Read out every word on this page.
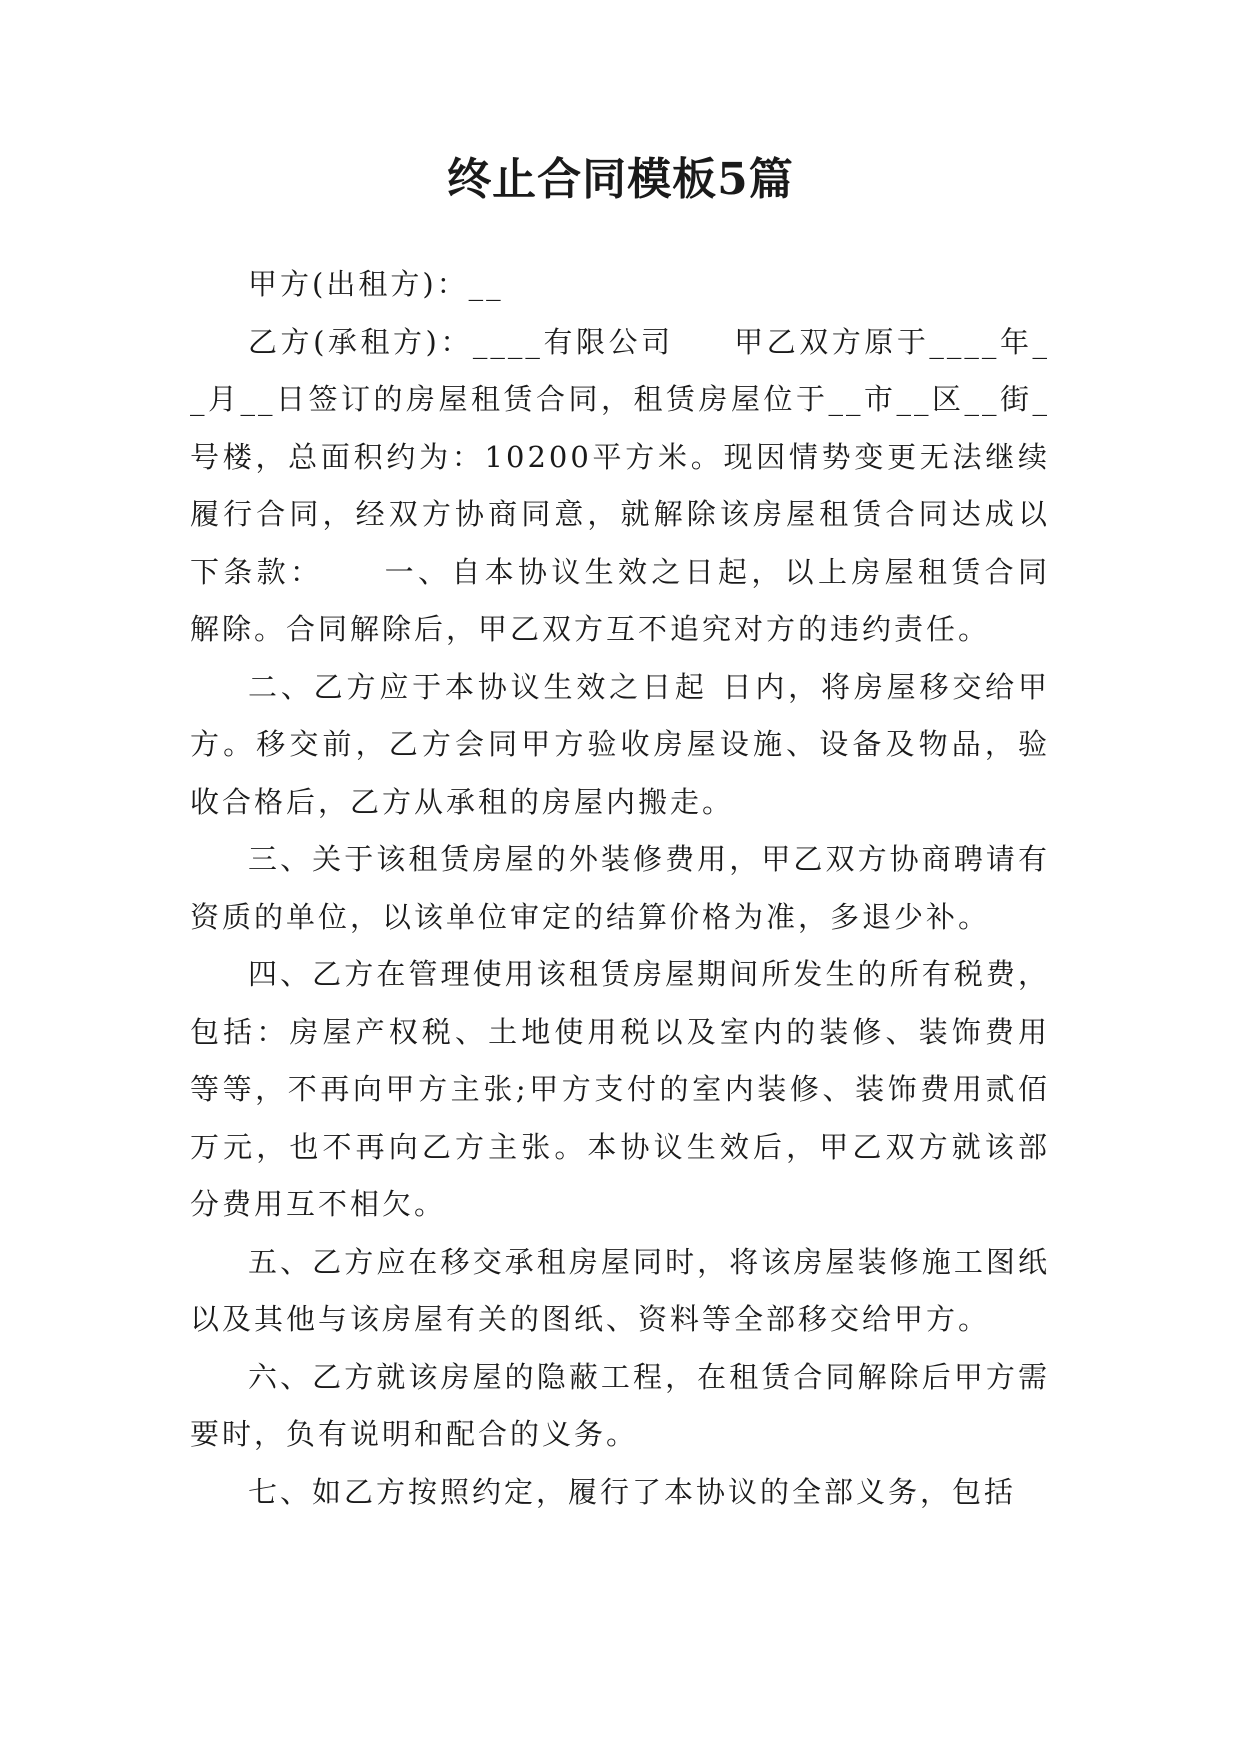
终止合同模板5篇

甲方(出租方)：__

乙方(承租方)：____有限公司 甲乙双方原于____年__月__日签订的房屋租赁合同，租赁房屋位于__市__区__街_号楼，总面积约为：10200平方米。现因情势变更无法继续履行合同，经双方协商同意，就解除该房屋租赁合同达成以下条款： 一、自本协议生效之日起，以上房屋租赁合同解除。合同解除后，甲乙双方互不追究对方的违约责任。

二、乙方应于本协议生效之日起 日内，将房屋移交给甲方。移交前，乙方会同甲方验收房屋设施、设备及物品，验收合格后，乙方从承租的房屋内搬走。

三、关于该租赁房屋的外装修费用，甲乙双方协商聘请有资质的单位，以该单位审定的结算价格为准，多退少补。

四、乙方在管理使用该租赁房屋期间所发生的所有税费，包括：房屋产权税、土地使用税以及室内的装修、装饰费用等等，不再向甲方主张;甲方支付的室内装修、装饰费用贰佰万元，也不再向乙方主张。本协议生效后，甲乙双方就该部分费用互不相欠。

五、乙方应在移交承租房屋同时，将该房屋装修施工图纸以及其他与该房屋有关的图纸、资料等全部移交给甲方。

六、乙方就该房屋的隐蔽工程，在租赁合同解除后甲方需要时，负有说明和配合的义务。

七、如乙方按照约定，履行了本协议的全部义务，包括
